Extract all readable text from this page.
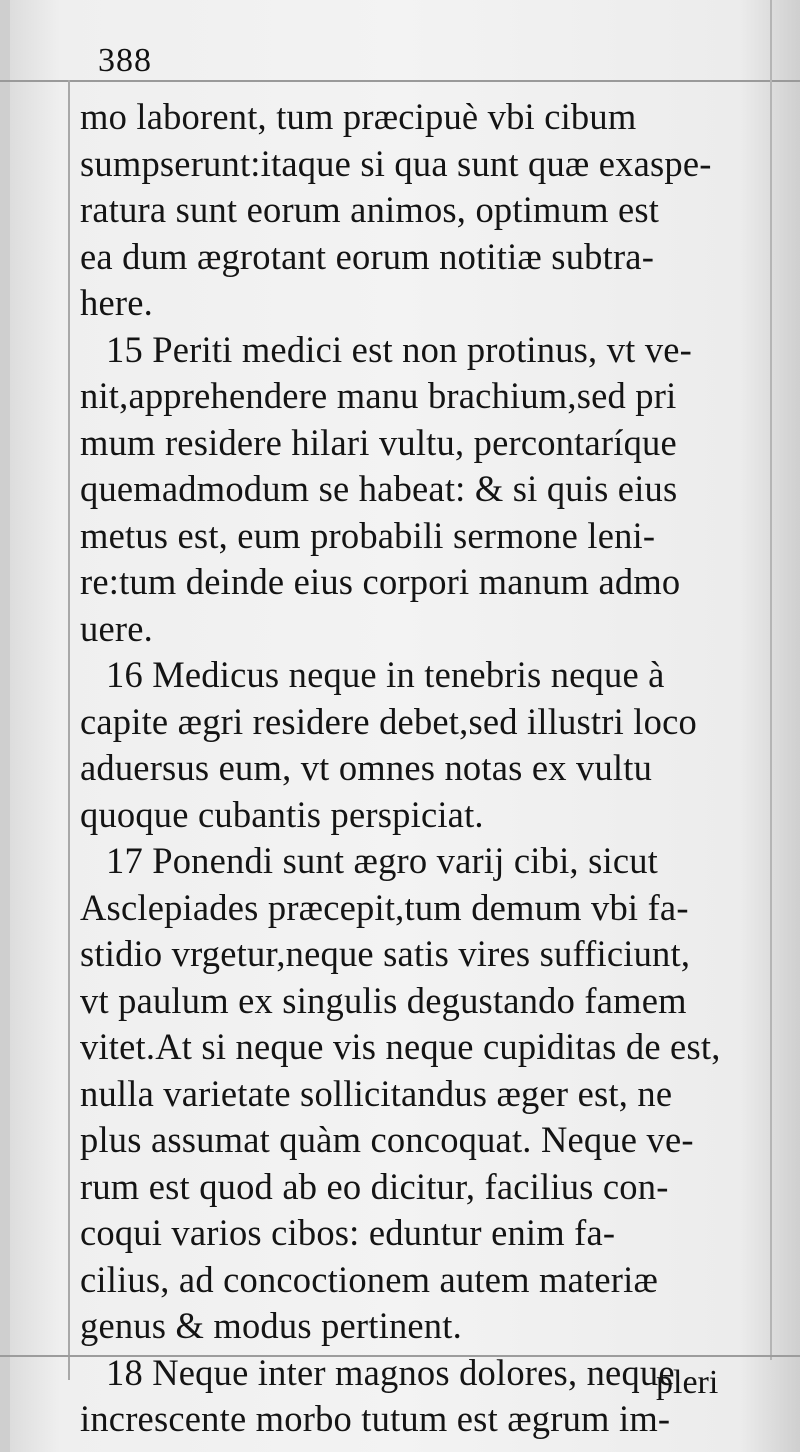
388
mo laborent, tum præcipuè vbi cibum
sumpserunt:itaque si qua sunt quæ exaspe-
ratura sunt eorum animos, optimum est
ea dum ægrotant eorum notitiæ subtra-
here.
15 Periti medici est non protinus, vt ve-
nit,apprehendere manu brachium,sed pri
mum residere hilari vultu, percontaríque
quemadmodum se habeat: & si quis eius
metus est, eum probabili sermone leni-
re:tum deinde eius corpori manum admo
uere.
16 Medicus neque in tenebris neque à
capite ægri residere debet,sed illustri loco
aduersus eum, vt omnes notas ex vultu
quoque cubantis perspiciat.
17 Ponendi sunt ægro varij cibi, sicut
Asclepiades præcepit,tum demum vbi fa-
stidio vrgetur,neque satis vires sufficiunt,
vt paulum ex singulis degustando famem
vitet.At si neque vis neque cupiditas de est,
nulla varietate sollicitandus æger est, ne
plus assumat quàm concoquat. Neque ve-
rum est quod ab eo dicitur, facilius con-
coqui varios cibos: eduntur enim fa-
cilius, ad concoctionem autem materiæ
genus & modus pertinent.
18 Neque inter magnos dolores, neque
increscente morbo tutum est ægrum im-
pleri
